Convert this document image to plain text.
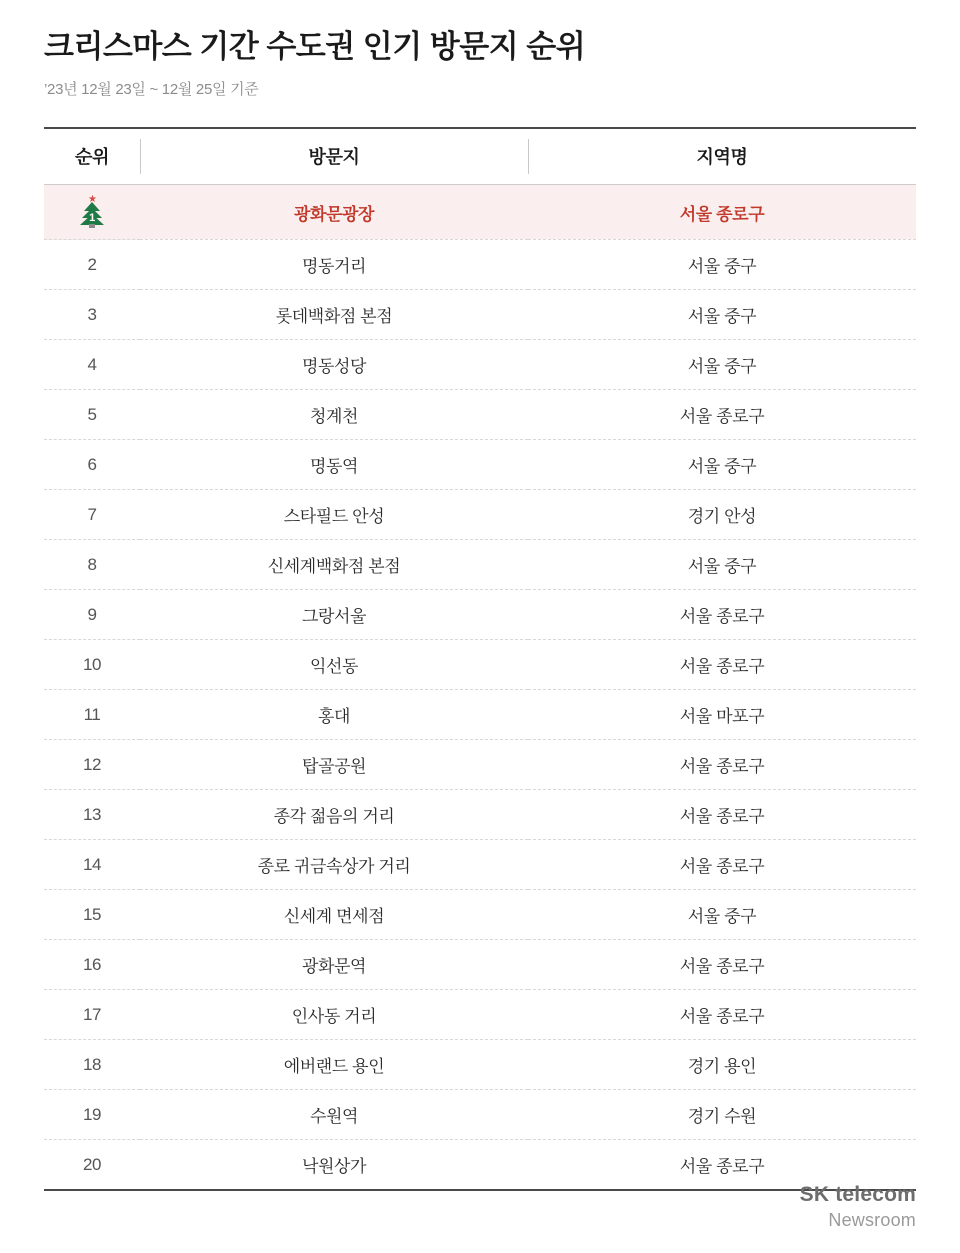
크리스마스 기간 수도권 인기 방문지 순위
’23년 12월 23일 ~ 12월 25일 기준
순위	방문지	지역명

★
1	광화문광장	서울 종로구
2	명동거리	서울 중구
3	롯데백화점 본점	서울 중구
4	명동성당	서울 중구
5	청계천	서울 종로구
6	명동역	서울 중구
7	스타필드 안성	경기 안성
8	신세계백화점 본점	서울 중구
9	그랑서울	서울 종로구
10	익선동	서울 종로구
11	홍대	서울 마포구
12	탑골공원	서울 종로구
13	종각 젊음의 거리	서울 종로구
14	종로 귀금속상가 거리	서울 종로구
15	신세계 면세점	서울 중구
16	광화문역	서울 종로구
17	인사동 거리	서울 종로구
18	에버랜드 용인	경기 용인
19	수원역	경기 수원
20	낙원상가	서울 종로구
SK telecom
Newsroom
